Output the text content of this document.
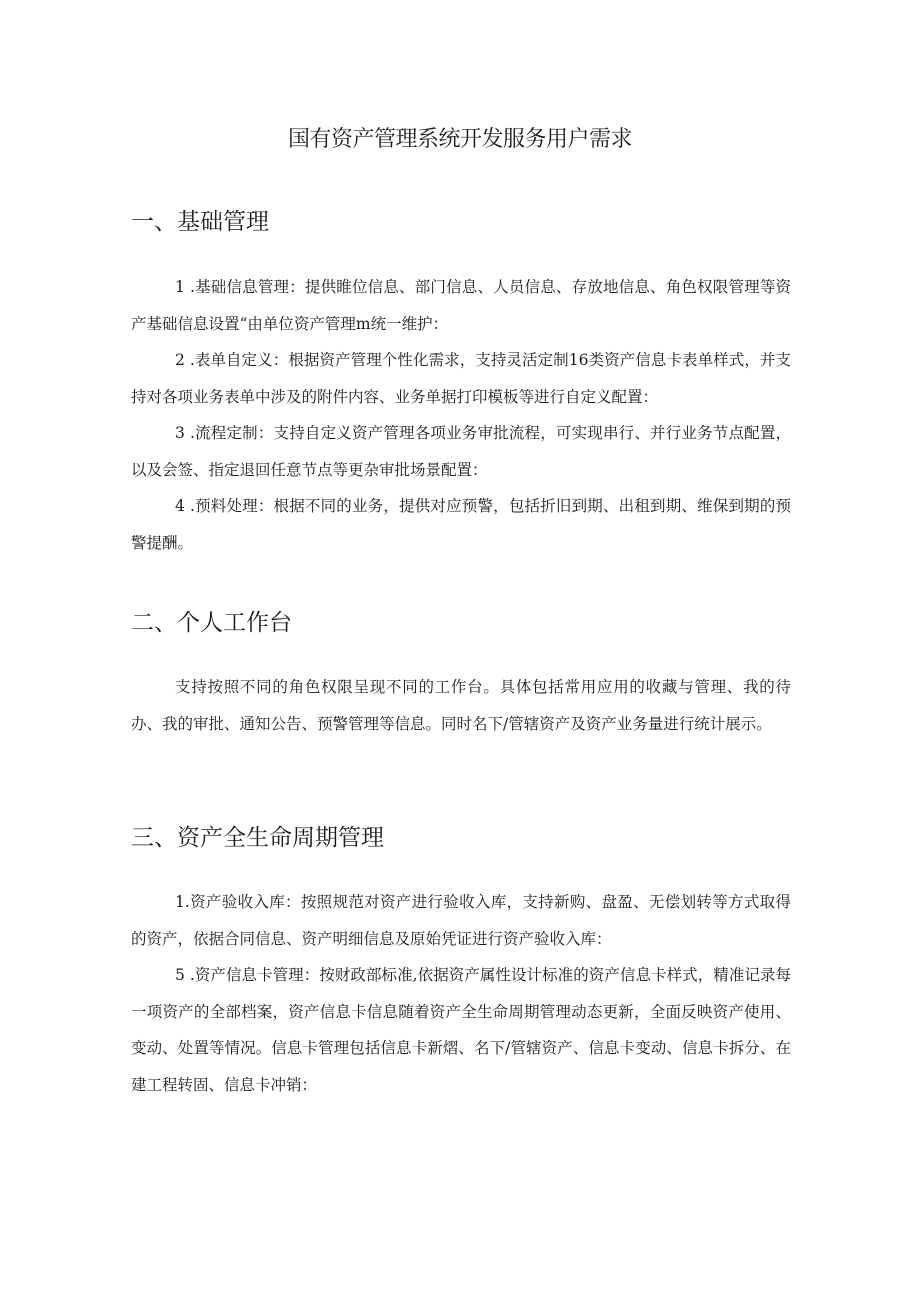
国有资产管理系统开发服务用户需求
一、基础管理

1 .基础信息管理：提供睢位信息、部门信息、人员信息、存放地信息、角色权限管理等资产基础信息设置“由单位资产管理m统一维护：

2 .表单自定义：根据资产管理个性化需求，支持灵活定制16类资产信息卡表单样式，并支持对各项业务表单中涉及的附件内容、业务单据打印模板等进行自定义配置：

3 .流程定制：支持自定义资产管理各项业务审批流程，可实现串行、并行业务节点配置，以及会签、指定退回任意节点等更杂审批场景配置：

4 .预料处理：根据不同的业务，提供对应预警，包括折旧到期、出租到期、维保到期的预警提酬。

二、个人工作台

支持按照不同的角色权限呈现不同的工作台。具体包括常用应用的收藏与管理、我的待办、我的审批、通知公告、预警管理等信息。同时名下/管辖资产及资产业务量进行统计展示。

三、资产全生命周期管理

1.资产验收入库：按照规范对资产进行验收入库，支持新购、盘盈、无偿划转等方式取得的资产，依据合同信息、资产明细信息及原始凭证进行资产验收入库：

5 .资产信息卡管理：按财政部标准,依据资产属性设计标准的资产信息卡样式，精准记录每一项资产的全部档案，资产信息卡信息随着资产全生命周期管理动态更新，全面反映资产使用、变动、处置等情况。信息卡管理包括信息卡新熠、名下/管辖资产、信息卡变动、信息卡拆分、在建工程转固、信息卡冲销：
